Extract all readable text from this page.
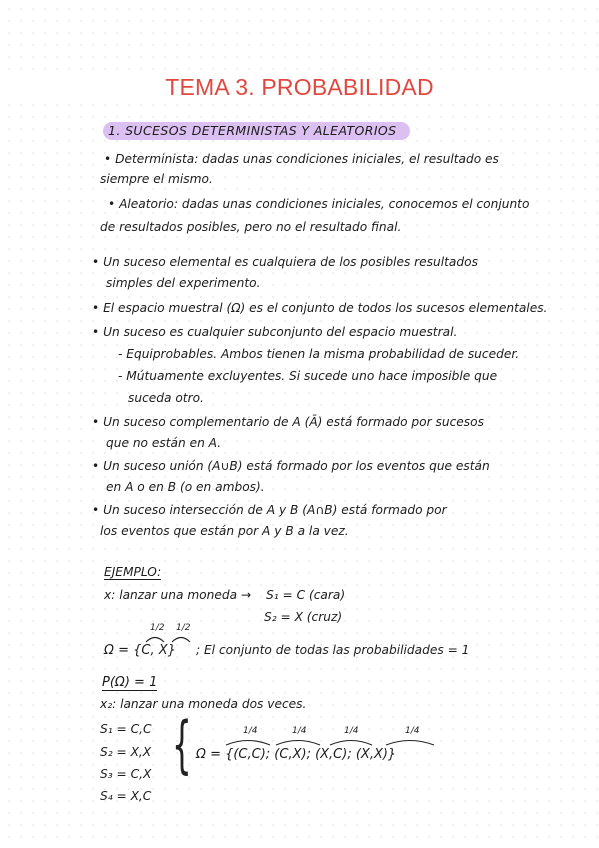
TEMA 3. PROBABILIDAD
1. SUCESOS DETERMINISTAS Y ALEATORIOS
• Determinista: dadas unas condiciones iniciales, el resultado es
siempre el mismo.
• Aleatorio: dadas unas condiciones iniciales, conocemos el conjunto
de resultados posibles, pero no el resultado final.
• Un suceso elemental es cualquiera de los posibles resultados
simples del experimento.
• El espacio muestral (Ω) es el conjunto de todos los sucesos elementales.
• Un suceso es cualquier subconjunto del espacio muestral.
- Equiprobables. Ambos tienen la misma probabilidad de suceder.
- Mútuamente excluyentes. Si sucede uno hace imposible que
suceda otro.
• Un suceso complementario de A (Ā) está formado por sucesos
que no están en A.
• Un suceso unión (A∪B) está formado por los eventos que están
en A o en B (o en ambos).
• Un suceso intersección de A y B (A∩B) está formado por
los eventos que están por A y B a la vez.
EJEMPLO:
x: lanzar una moneda → S₁ = C (cara)
S₂ = X (cruz)
1/2 1/2
Ω = {C, X} ; El conjunto de todas las probabilidades = 1
P(Ω) = 1
x₂: lanzar una moneda dos veces.
S₁ = C,C
S₂ = X,X
S₃ = C,X
S₄ = X,C
{	1/4	1/4	1/4	1/4
Ω = {(C,C); (C,X); (X,C); (X,X)}
